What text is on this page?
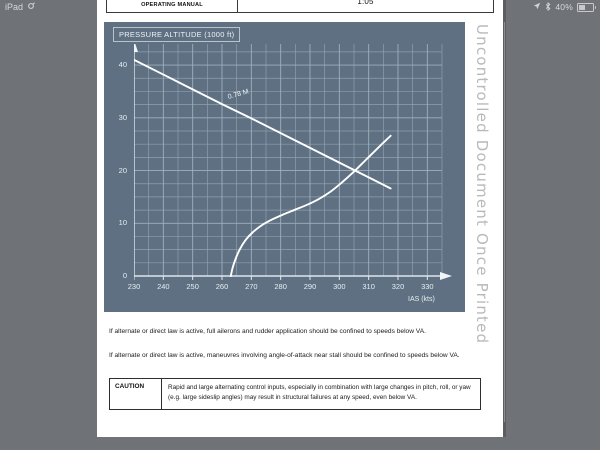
iPad	40%
OPERATING MANUAL	1:05
PRESSURE ALTITUDE (1000 ft)
0
10
20
30
40
230	240	250	260	270	280	290	300	310	320	330
0.78 M
IAS (kts)
If alternate or direct law is active, full ailerons and rudder application should be confined to speeds below VA.
If alternate or direct law is active, maneuvres involving angle-of-attack near stall should be confined to speeds below VA.
CAUTION	Rapid and large alternating control inputs, especially in combination with large changes in pitch, roll, or yaw (e.g. large sideslip angles) may result in structural failures at any speed, even below VA.
Uncontrolled Document Once Printed
